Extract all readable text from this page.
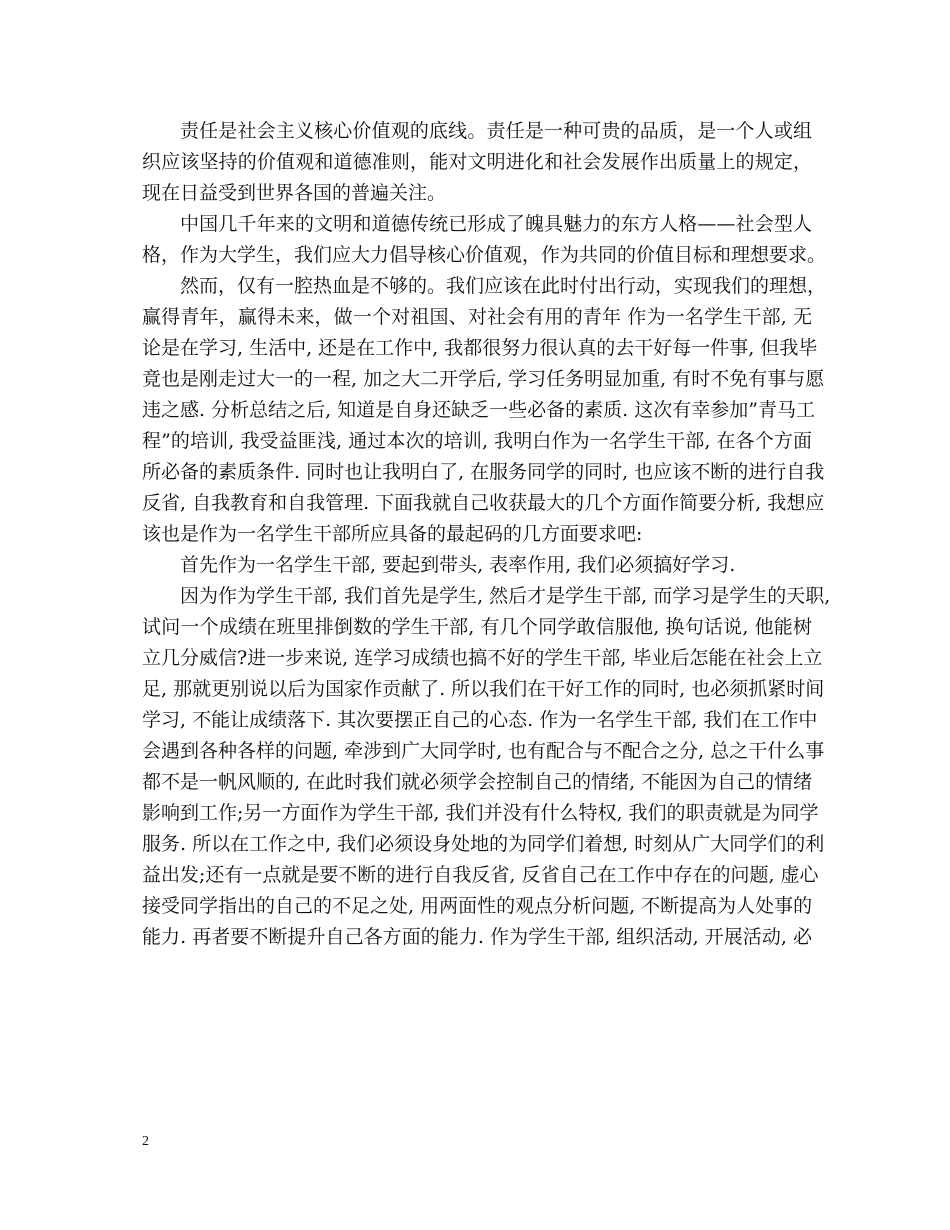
责任是社会主义核心价值观的底线。责任是一种可贵的品质，是一个人或组
织应该坚持的价值观和道德准则，能对文明进化和社会发展作出质量上的规定，
现在日益受到世界各国的普遍关注。
中国几千年来的文明和道德传统已形成了魄具魅力的东方人格——社会型人
格，作为大学生，我们应大力倡导核心价值观，作为共同的价值目标和理想要求。
然而，仅有一腔热血是不够的。我们应该在此时付出行动，实现我们的理想，
赢得青年，赢得未来，做一个对祖国、对社会有用的青年 作为一名学生干部, 无
论是在学习, 生活中, 还是在工作中, 我都很努力很认真的去干好每一件事, 但我毕
竟也是刚走过大一的一程, 加之大二开学后, 学习任务明显加重, 有时不免有事与愿
违之感. 分析总结之后, 知道是自身还缺乏一些必备的素质. 这次有幸参加”青马工
程”的培训, 我受益匪浅, 通过本次的培训, 我明白作为一名学生干部, 在各个方面
所必备的素质条件. 同时也让我明白了, 在服务同学的同时, 也应该不断的进行自我
反省, 自我教育和自我管理. 下面我就自己收获最大的几个方面作简要分析, 我想应
该也是作为一名学生干部所应具备的最起码的几方面要求吧:
首先作为一名学生干部, 要起到带头, 表率作用, 我们必须搞好学习.
因为作为学生干部, 我们首先是学生, 然后才是学生干部, 而学习是学生的天职,
试问一个成绩在班里排倒数的学生干部, 有几个同学敢信服他, 换句话说, 他能树
立几分威信?进一步来说, 连学习成绩也搞不好的学生干部, 毕业后怎能在社会上立
足, 那就更别说以后为国家作贡献了. 所以我们在干好工作的同时, 也必须抓紧时间
学习, 不能让成绩落下. 其次要摆正自己的心态. 作为一名学生干部, 我们在工作中
会遇到各种各样的问题, 牵涉到广大同学时, 也有配合与不配合之分, 总之干什么事
都不是一帆风顺的, 在此时我们就必须学会控制自己的情绪, 不能因为自己的情绪
影响到工作;另一方面作为学生干部, 我们并没有什么特权, 我们的职责就是为同学
服务. 所以在工作之中, 我们必须设身处地的为同学们着想, 时刻从广大同学们的利
益出发;还有一点就是要不断的进行自我反省, 反省自己在工作中存在的问题, 虚心
接受同学指出的自己的不足之处, 用两面性的观点分析问题, 不断提高为人处事的
能力. 再者要不断提升自己各方面的能力. 作为学生干部, 组织活动, 开展活动, 必
2
